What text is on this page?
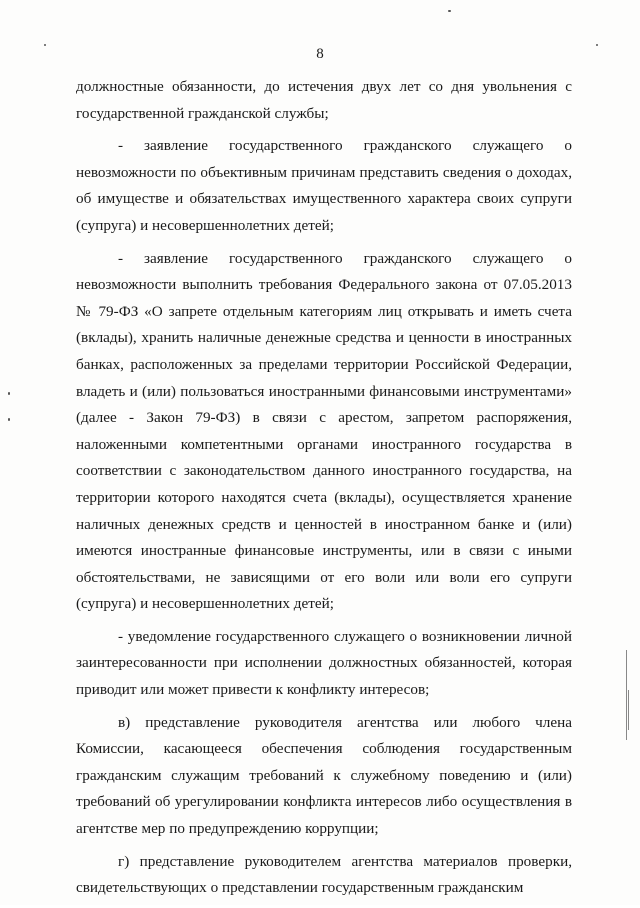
8

должностные обязанности, до истечения двух лет со дня увольнения с государственной гражданской службы;

- заявление государственного гражданского служащего о невозможности по объективным причинам представить сведения о доходах, об имуществе и обязательствах имущественного характера своих супруги (супруга) и несовершеннолетних детей;

- заявление государственного гражданского служащего о невозможности выполнить требования Федерального закона от 07.05.2013 № 79-ФЗ «О запрете отдельным категориям лиц открывать и иметь счета (вклады), хранить наличные денежные средства и ценности в иностранных банках, расположенных за пределами территории Российской Федерации, владеть и (или) пользоваться иностранными финансовыми инструментами» (далее - Закон 79-ФЗ) в связи с арестом, запретом распоряжения, наложенными компетентными органами иностранного государства в соответствии с законодательством данного иностранного государства, на территории которого находятся счета (вклады), осуществляется хранение наличных денежных средств и ценностей в иностранном банке и (или) имеются иностранные финансовые инструменты, или в связи с иными обстоятельствами, не зависящими от его воли или воли его супруги (супруга) и несовершеннолетних детей;

- уведомление государственного служащего о возникновении личной заинтересованности при исполнении должностных обязанностей, которая приводит или может привести к конфликту интересов;

в) представление руководителя агентства или любого члена Комиссии, касающееся обеспечения соблюдения государственным гражданским служащим требований к служебному поведению и (или) требований об урегулировании конфликта интересов либо осуществления в агентстве мер по предупреждению коррупции;

г) представление руководителем агентства материалов проверки, свидетельствующих о представлении государственным гражданским
